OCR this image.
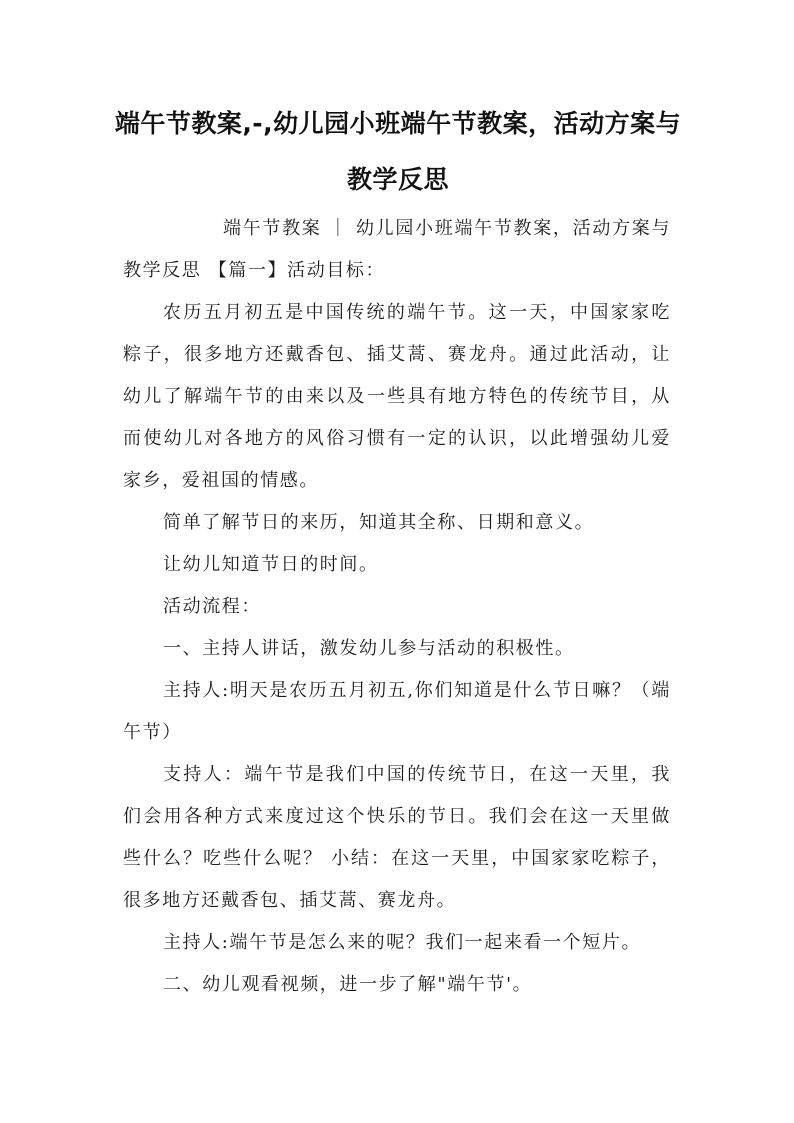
端午节教案,-,幼儿园小班端午节教案，活动方案与教学反思

端午节教案 ｜ 幼儿园小班端午节教案，活动方案与教学反思 【篇一】活动目标：

农历五月初五是中国传统的端午节。这一天，中国家家吃粽子，很多地方还戴香包、插艾蒿、赛龙舟。通过此活动，让幼儿了解端午节的由来以及一些具有地方特色的传统节目，从而使幼儿对各地方的风俗习惯有一定的认识，以此增强幼儿爱家乡，爱祖国的情感。

简单了解节日的来历，知道其全称、日期和意义。

让幼儿知道节日的时间。

活动流程：

一、主持人讲话，激发幼儿参与活动的积极性。

主持人:明天是农历五月初五,你们知道是什么节日嘛？（端午节）

支持人：端午节是我们中国的传统节日，在这一天里，我们会用各种方式来度过这个快乐的节日。我们会在这一天里做些什么？吃些什么呢？ 小结：在这一天里，中国家家吃粽子，很多地方还戴香包、插艾蒿、赛龙舟。

主持人:端午节是怎么来的呢？我们一起来看一个短片。

二、幼儿观看视频，进一步了解"端午节'。
